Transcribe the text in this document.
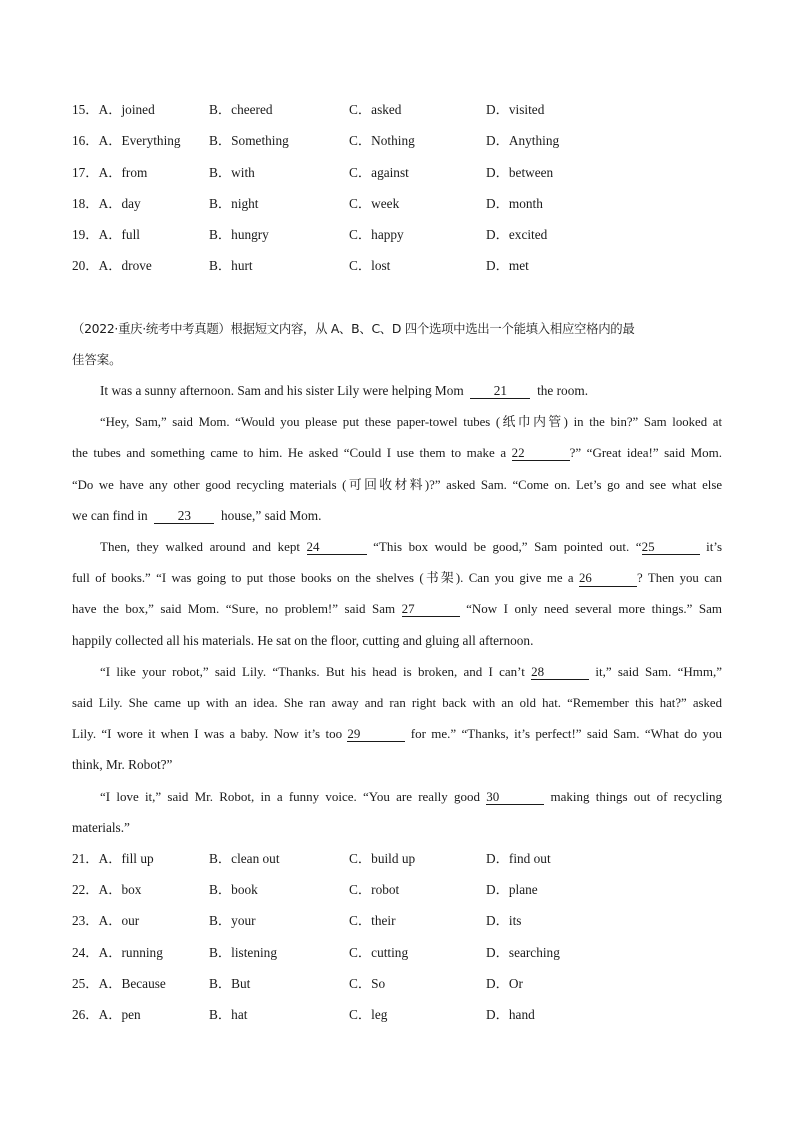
15．A．joined	B．cheered	C．asked	D．visited
16．A．Everything B．Something	C．Nothing	D．Anything
17．A．from	B．with	C．against	D．between
18．A．day	B．night	C．week	D．month
19．A．full	B．hungry	C．happy	D．excited
20．A．drove	B．hurt	C．lost	D．met
（2022·重庆·统考中考真题）根据短文内容，从 A、B、C、D 四个选项中选出一个能填入相应空格内的最
佳答案。
It was a sunny afternoon. Sam and his sister Lily were helping Mom 21 the room.
“Hey, Sam,” said Mom. “Would you please put these paper-towel tubes (纸巾内管) in the bin?” Sam looked at
the tubes and something came to him. He asked “Could I use them to make a 22	?” “Great idea!” said Mom.
“Do we have any other good recycling materials (可回收材料)?” asked Sam. “Come on. Let’s go and see what else
we can find in 23 house,” said Mom.
Then, they walked around and kept 24	“This box would be good,” Sam pointed out. “25	it’s
full of books.” “I was going to put those books on the shelves (书架). Can you give me a 26	? Then you can
have the box,” said Mom. “Sure, no problem!” said Sam 27	“Now I only need several more things.” Sam
happily collected all his materials. He sat on the floor, cutting and gluing all afternoon.
“I like your robot,” said Lily. “Thanks. But his head is broken, and I can’t 28	it,” said Sam. “Hmm,”
said Lily. She came up with an idea. She ran away and ran right back with an old hat. “Remember this hat?” asked
Lily. “I wore it when I was a baby. Now it’s too 29	for me.” “Thanks, it’s perfect!” said Sam. “What do you
think, Mr. Robot?”
“I love it,” said Mr. Robot, in a funny voice. “You are really good 30	making things out of recycling
materials.”
21．A．fill up	B．clean out	C．build up	D．find out
22．A．box	B．book	C．robot	D．plane
23．A．our	B．your	C．their	D．its
24．A．running	B．listening	C．cutting	D．searching
25．A．Because	B．But	C．So	D．Or
26．A．pen	B．hat	C．leg	D．hand
